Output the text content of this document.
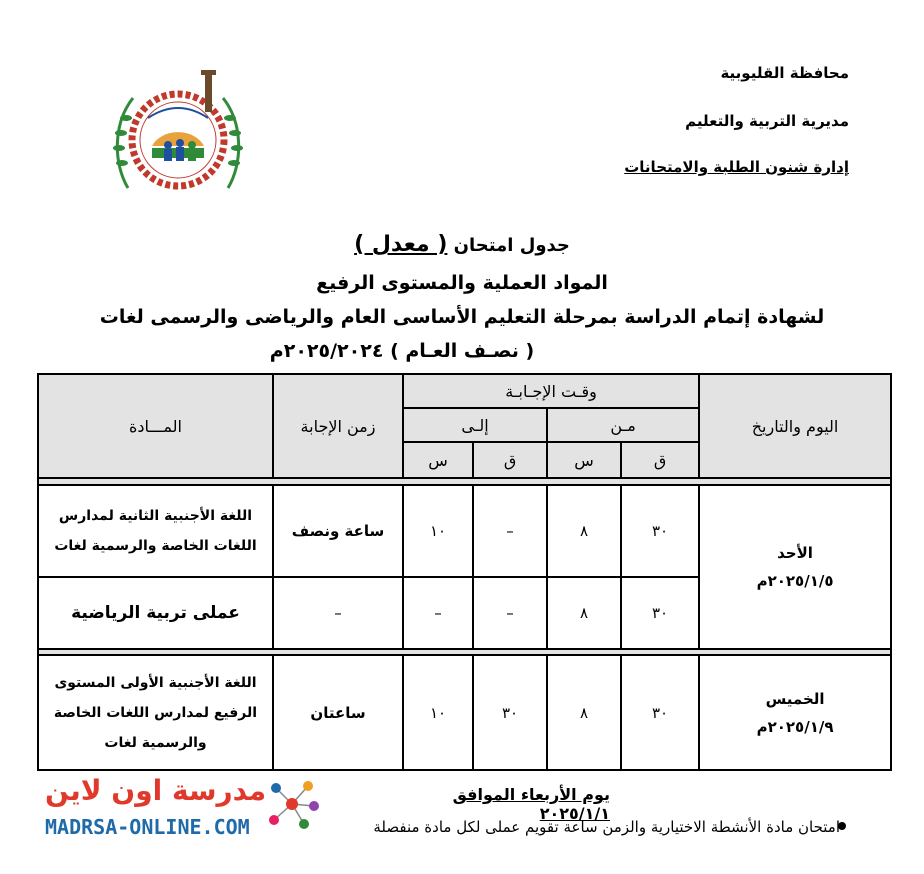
محافظة القليوبية
مديرية التربية والتعليم
إدارة شنون الطلبة والامتحانات
جدول امتحان ( معدل )
المواد العملية والمستوى الرفيع
لشهادة إتمام الدراسة بمرحلة التعليم الأساسى العام والرياضى والرسمى لغات
( نصـف العـام ) ٢٠٢٥/٢٠٢٤م
اليوم والتاريخ	وقـت الإجـابـة				زمن الإجابة	المـــادة
	مـن		إلـى			
	ق	س	ق	س		

الأحد
٢٠٢٥/١/٥م	٣٠	٨	–	١٠	ساعة ونصف	اللغة الأجنبية الثانية لمدارس اللغات الخاصة والرسمية لغات
	٣٠	٨	–	–	–	عملى تربية الرياضية

الخميس
٢٠٢٥/١/٩م	٣٠	٨	٣٠	١٠	ساعتان	اللغة الأجنبية الأولى المستوى الرفيع لمدارس اللغات الخاصة والرسمية لغات
يوم الأربعاء الموافق ٢٠٢٥/١/١
امتحان مادة الأنشطة الاختيارية والزمن ساعة تقويم عملى لكل مادة منفصلة
مدرسة اون لاين
MADRSA-ONLINE.COM
